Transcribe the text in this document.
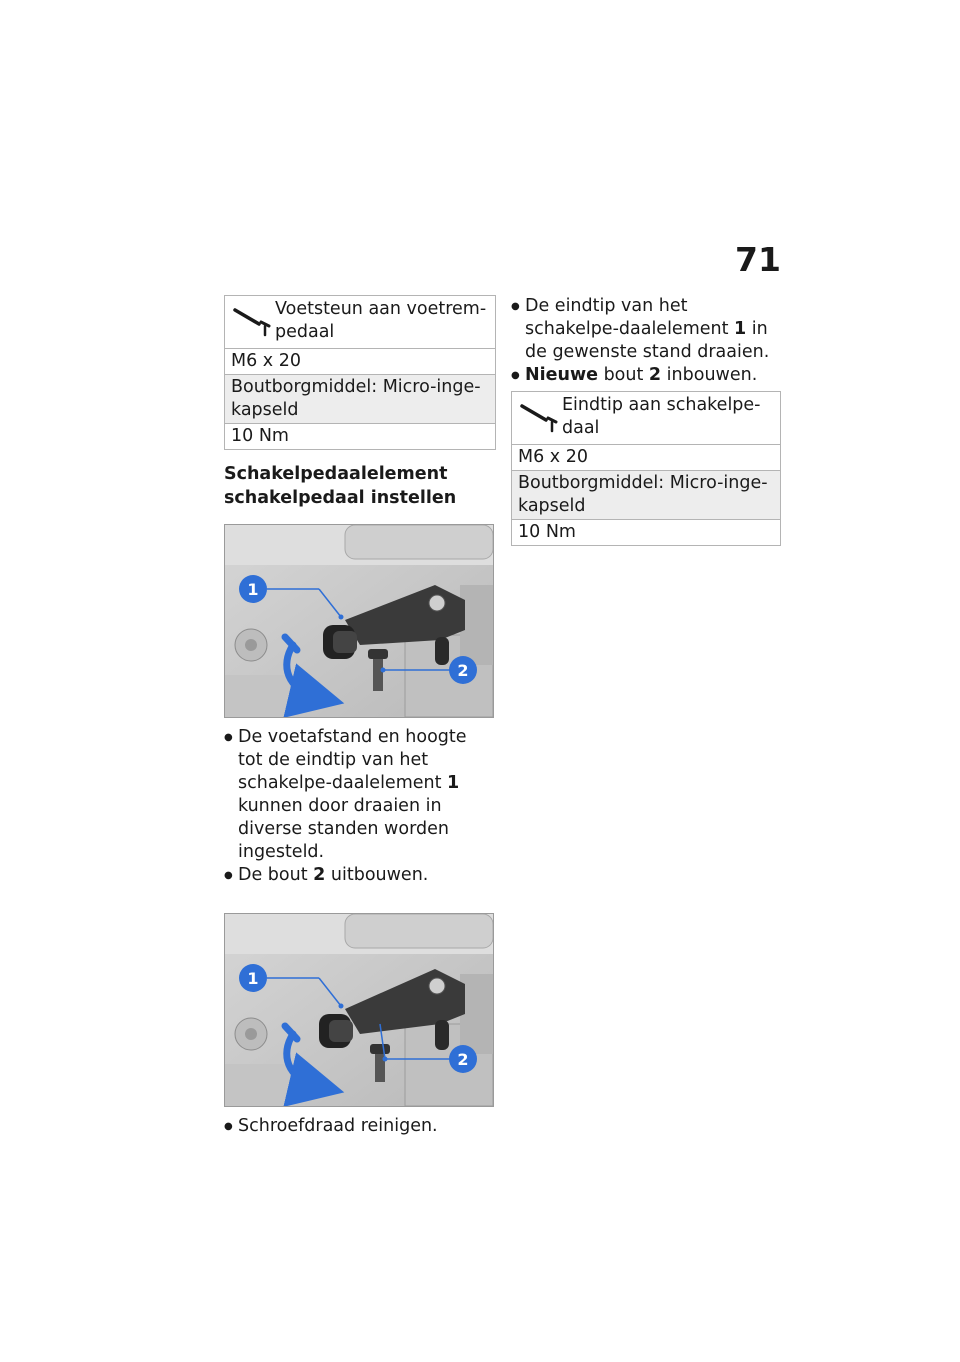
71
Voetsteun aan voetrem-pedaal
M6 x 20
Boutborgmiddel: Micro-inge-kapseld
10 Nm
Schakelpedaalelement
schakelpedaal instellen
1
2
● De voetafstand en hoogte tot de eindtip van het schakelpe-daalelement 1 kunnen door draaien in diverse standen worden ingesteld.
● De bout 2 uitbouwen.
1
2
● Schroefdraad reinigen.
● De eindtip van het schakelpe-daalelement 1 in de gewenste stand draaien.
● Nieuwe bout 2 inbouwen.
Eindtip aan schakelpe-daal
M6 x 20
Boutborgmiddel: Micro-inge-kapseld
10 Nm
